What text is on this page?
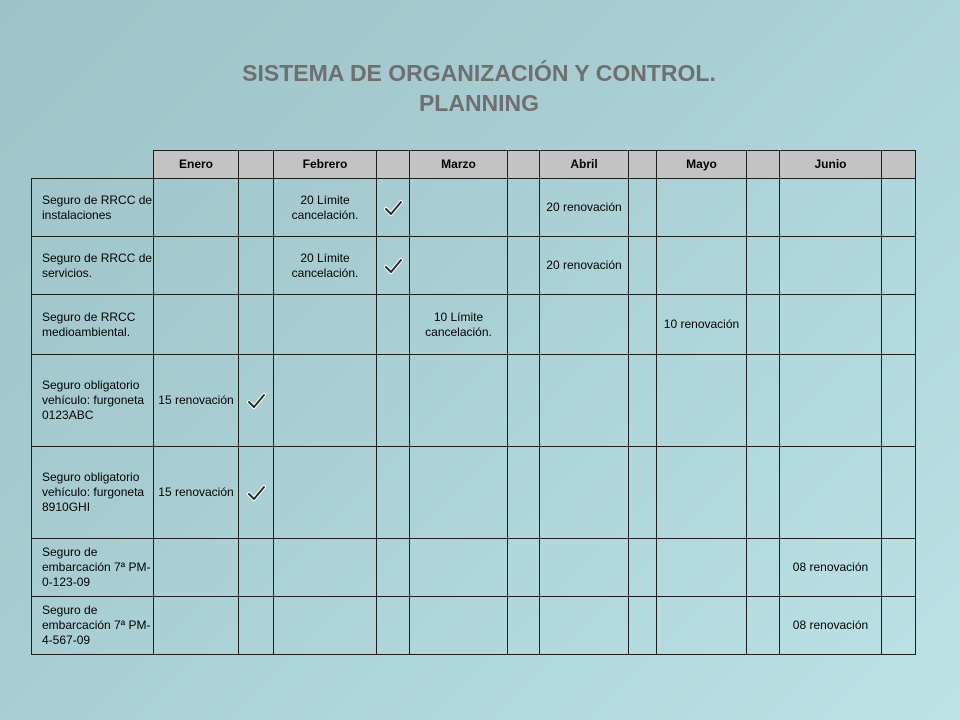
SISTEMA DE ORGANIZACIÓN Y CONTROL.
PLANNING
	Enero		Febrero		Marzo		Abril		Mayo		Junio	
Seguro de RRCC de instalaciones			20 Límite cancelación.				20 renovación					
Seguro de RRCC de servicios.			20 Límite cancelación.				20 renovación					
Seguro de RRCC medioambiental.					10 Límite cancelación.				10 renovación			
Seguro obligatorio vehículo: furgoneta 0123ABC	15 renovación											
Seguro obligatorio vehículo: furgoneta 8910GHI	15 renovación											
Seguro de embarcación 7ª PM-0-123-09											08 renovación	
Seguro de embarcación 7ª PM-4-567-09											08 renovación	
